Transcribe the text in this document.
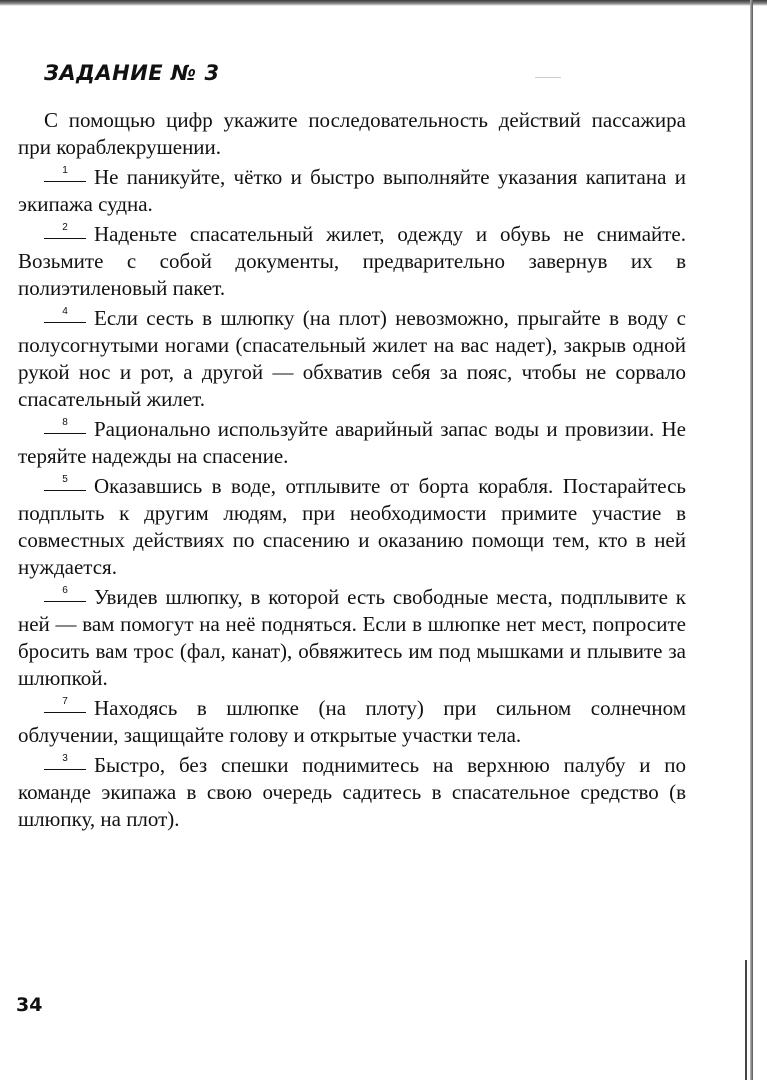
ЗАДАНИЕ № 3

С помощью цифр укажите последовательность действий пассажира при кораблекрушении.

1	Не паникуйте, чётко и быстро выполняйте указания капитана и экипажа судна.

2	Наденьте спасательный жилет, одежду и обувь не снимайте. Возьмите с собой документы, предварительно завернув их в полиэтиленовый пакет.

4	Если сесть в шлюпку (на плот) невозможно, прыгайте в воду с полусогнутыми ногами (спасательный жилет на вас надет), закрыв одной рукой нос и рот, а другой — обхватив себя за пояс, чтобы не сорвало спасательный жилет.

8	Рационально используйте аварийный запас воды и провизии. Не теряйте надежды на спасение.

5	Оказавшись в воде, отплывите от борта корабля. Постарайтесь подплыть к другим людям, при необходимости примите участие в совместных действиях по спасению и оказанию помощи тем, кто в ней нуждается.

6	Увидев шлюпку, в которой есть свободные места, подплывите к ней — вам помогут на неё подняться. Если в шлюпке нет мест, попросите бросить вам трос (фал, канат), обвяжитесь им под мышками и плывите за шлюпкой.

7	Находясь в шлюпке (на плоту) при сильном солнечном облучении, защищайте голову и открытые участки тела.

3	Быстро, без спешки поднимитесь на верхнюю палубу и по команде экипажа в свою очередь садитесь в спасательное средство (в шлюпку, на плот).

34
